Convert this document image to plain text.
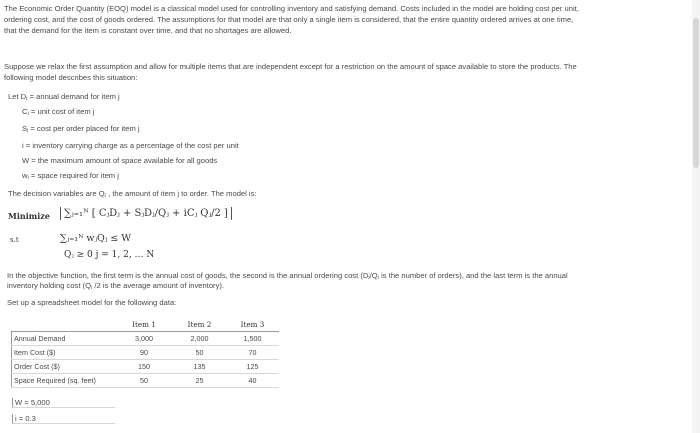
The Economic Order Quantity (EOQ) model is a classical model used for controlling inventory and satisfying demand. Costs included in the model are holding cost per unit,
ordering cost, and the cost of goods ordered. The assumptions for that model are that only a single item is considered, that the entire quantity ordered arrives at one time,
that the demand for the item is constant over time, and that no shortages are allowed.
Suppose we relax the first assumption and allow for multiple items that are independent except for a restriction on the amount of space available to store the products. The
following model describes this situation:
Let Dⱼ = annual demand for item j
Cⱼ = unit cost of item j
Sⱼ = cost per order placed for item j
i = inventory carrying charge as a percentage of the cost per unit
W = the maximum amount of space available for all goods
wⱼ = space required for item j
The decision variables are Qⱼ , the amount of item j to order. The model is:
Minimize	∑ⱼ₌₁ᴺ [ CⱼDⱼ + SⱼDⱼ/Qⱼ + iCⱼ Qⱼ/2 ]
s.t	∑ⱼ₌₁ᴺ wⱼQⱼ ≤ W
Qⱼ ≥ 0 j = 1, 2, … N
In the objective function, the first term is the annual cost of goods, the second is the annual ordering cost (Dⱼ/Qⱼ is the number of orders), and the last term is the annual
inventory holding cost (Qⱼ /2 is the average amount of inventory).
Set up a spreadsheet model for the following data:
	Item 1	Item 2	Item 3
Annual Demand	3,000	2,000	1,500
Item Cost ($)	90	50	70
Order Cost ($)	150	135	125
Space Required (sq. feet)	50	25	40
W = 5,000
i = 0.3
